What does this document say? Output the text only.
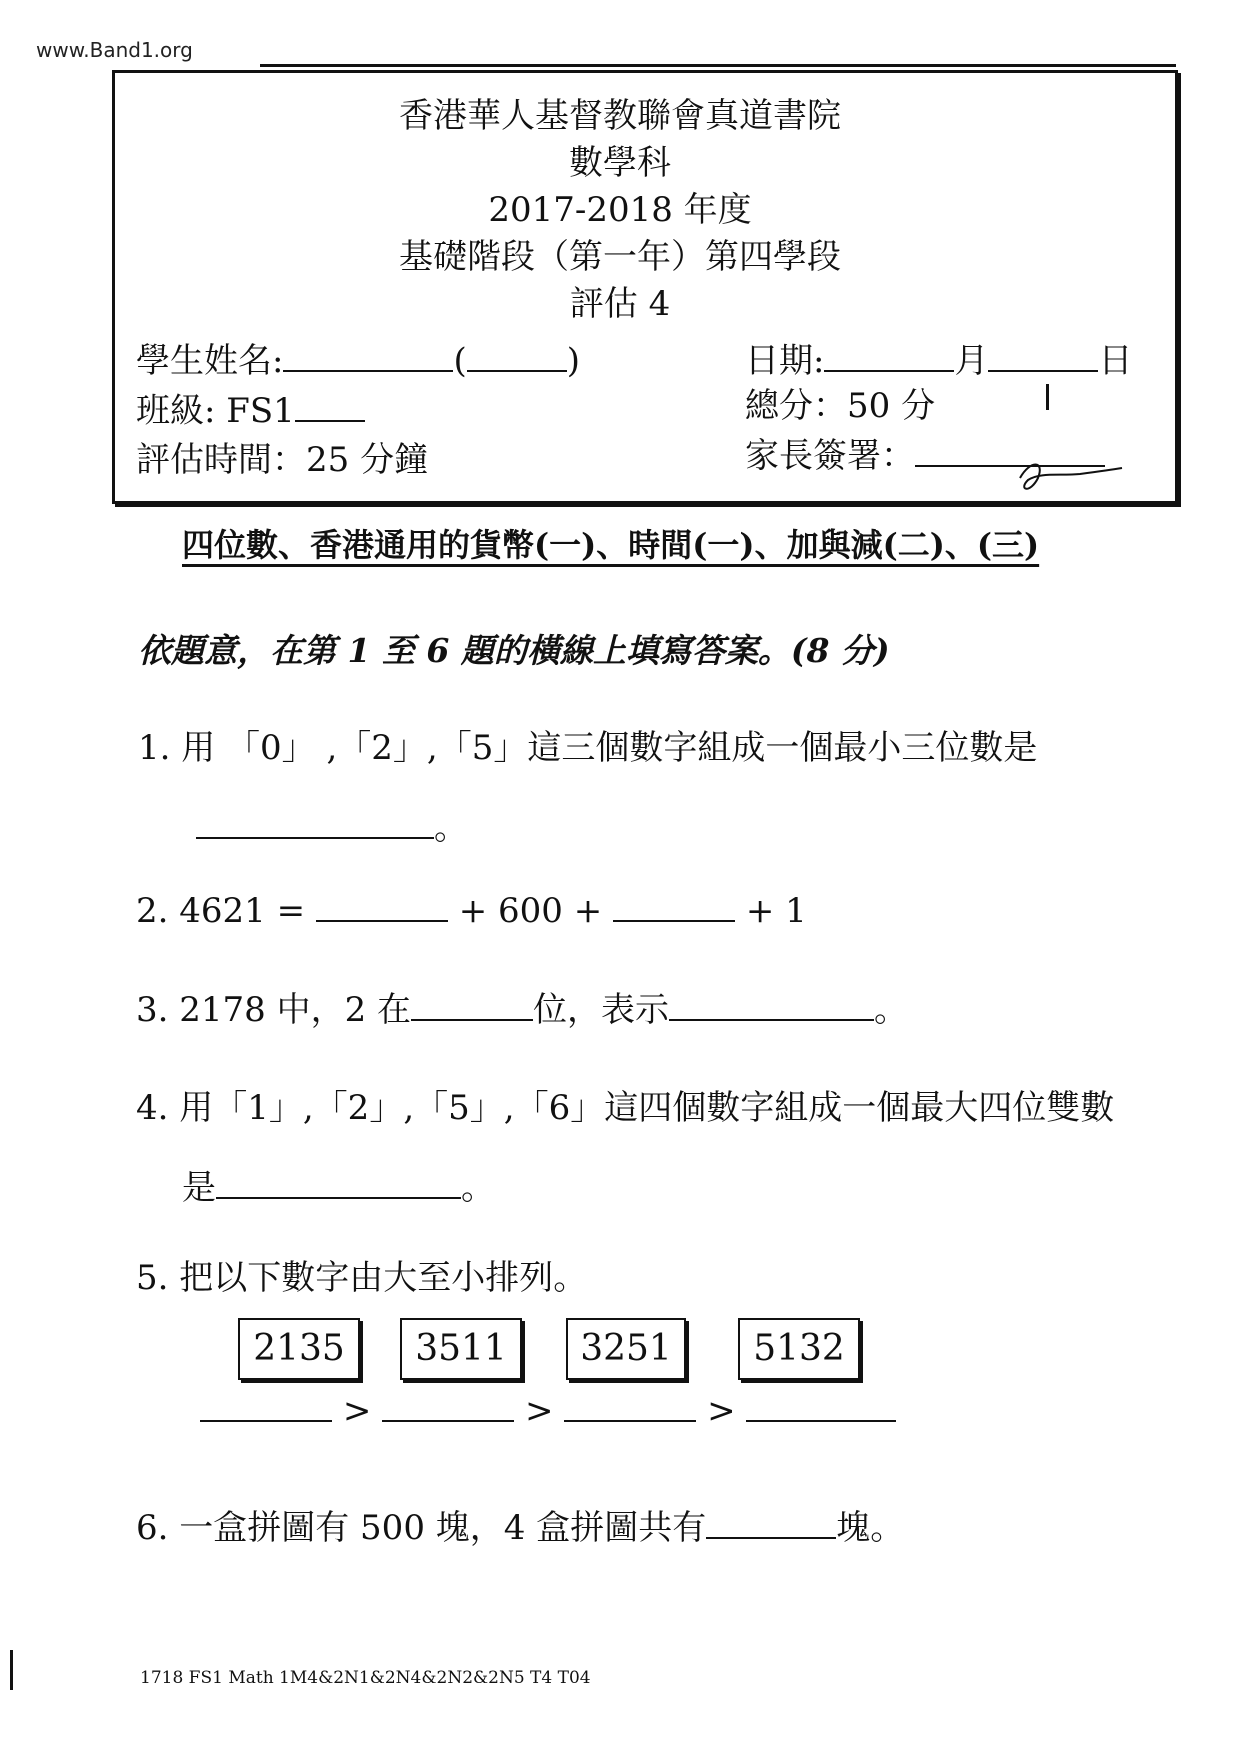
www.Band1.org
香港華人基督教聯會真道書院
數學科
2017-2018 年度
基礎階段（第一年）第四學段
評估 4
學生姓名:	(	)	日期:	月	日
班級: FS1	總分：50 分
評估時間：25 分鐘	家長簽署：
四位數、香港通用的貨幣(一)、時間(一)、加與減(二)、(三)
依題意，在第 1 至 6 題的橫線上填寫答案。(8 分)
1. 用 「0」 ,「2」,「5」這三個數字組成一個最小三位數是
。
2. 4621 =	+ 600 +	+ 1
3. 2178 中，2 在	位，表示	。
4. 用「1」,「2」,「5」,「6」這四個數字組成一個最大四位雙數
是	。
5. 把以下數字由大至小排列。
2135	3511	3251	5132
>	>	>
6. 一盒拼圖有 500 塊，4 盒拼圖共有	塊。
1718 FS1 Math 1M4&2N1&2N4&2N2&2N5 T4 T04
